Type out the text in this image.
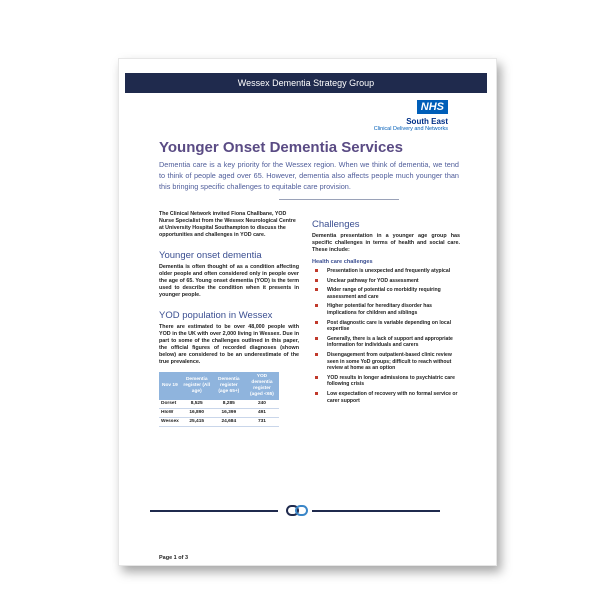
Wessex Dementia Strategy Group
NHS
South East
Clinical Delivery and Networks
Younger Onset Dementia Services
Dementia care is a key priority for the Wessex region. When we think of dementia, we tend to think of people aged over 65. However, dementia also affects people much younger than this bringing specific challenges to equitable care provision.
The Clinical Network invited Fiona Challbane, YOD Nurse Specialist from the Wessex Neurological Centre at University Hospital Southampton to discuss the opportunities and challenges in YOD care.
Younger onset dementia
Dementia is often thought of as a condition affecting older people and often considered only in people over the age of 65. Young onset dementia (YOD) is the term used to describe the condition when it presents in younger people.
YOD population in Wessex
There are estimated to be over 48,000 people with YOD in the UK with over 2,000 living in Wessex. Due in part to some of the challenges outlined in this paper, the official figures of recorded diagnoses (shown below) are considered to be an underestimate of the true prevalence.
Nov 19	Dementia register (All age)	Dementia register (age 65+)	YOD dementia register (aged <65)
Dorset	8,525	8,285	240
HIoW	16,890	16,399	491
Wessex	25,415	24,684	731
Challenges
Dementia presentation in a younger age group has specific challenges in terms of health and social care. These include:
Health care challenges
Presentation is unexpected and frequently atypical
Unclear pathway for YOD assessment
Wider range of potential co morbidity requiring assessment and care
Higher potential for hereditary disorder has implications for children and siblings
Post diagnostic care is variable depending on local expertise
Generally, there is a lack of support and appropriate information for individuals and carers
Disengagement from outpatient-based clinic review seen in some YoD groups; difficult to reach without review at home as an option
YOD results in longer admissions to psychiatric care following crisis
Low expectation of recovery with no formal service or carer support
Page 1 of 3
